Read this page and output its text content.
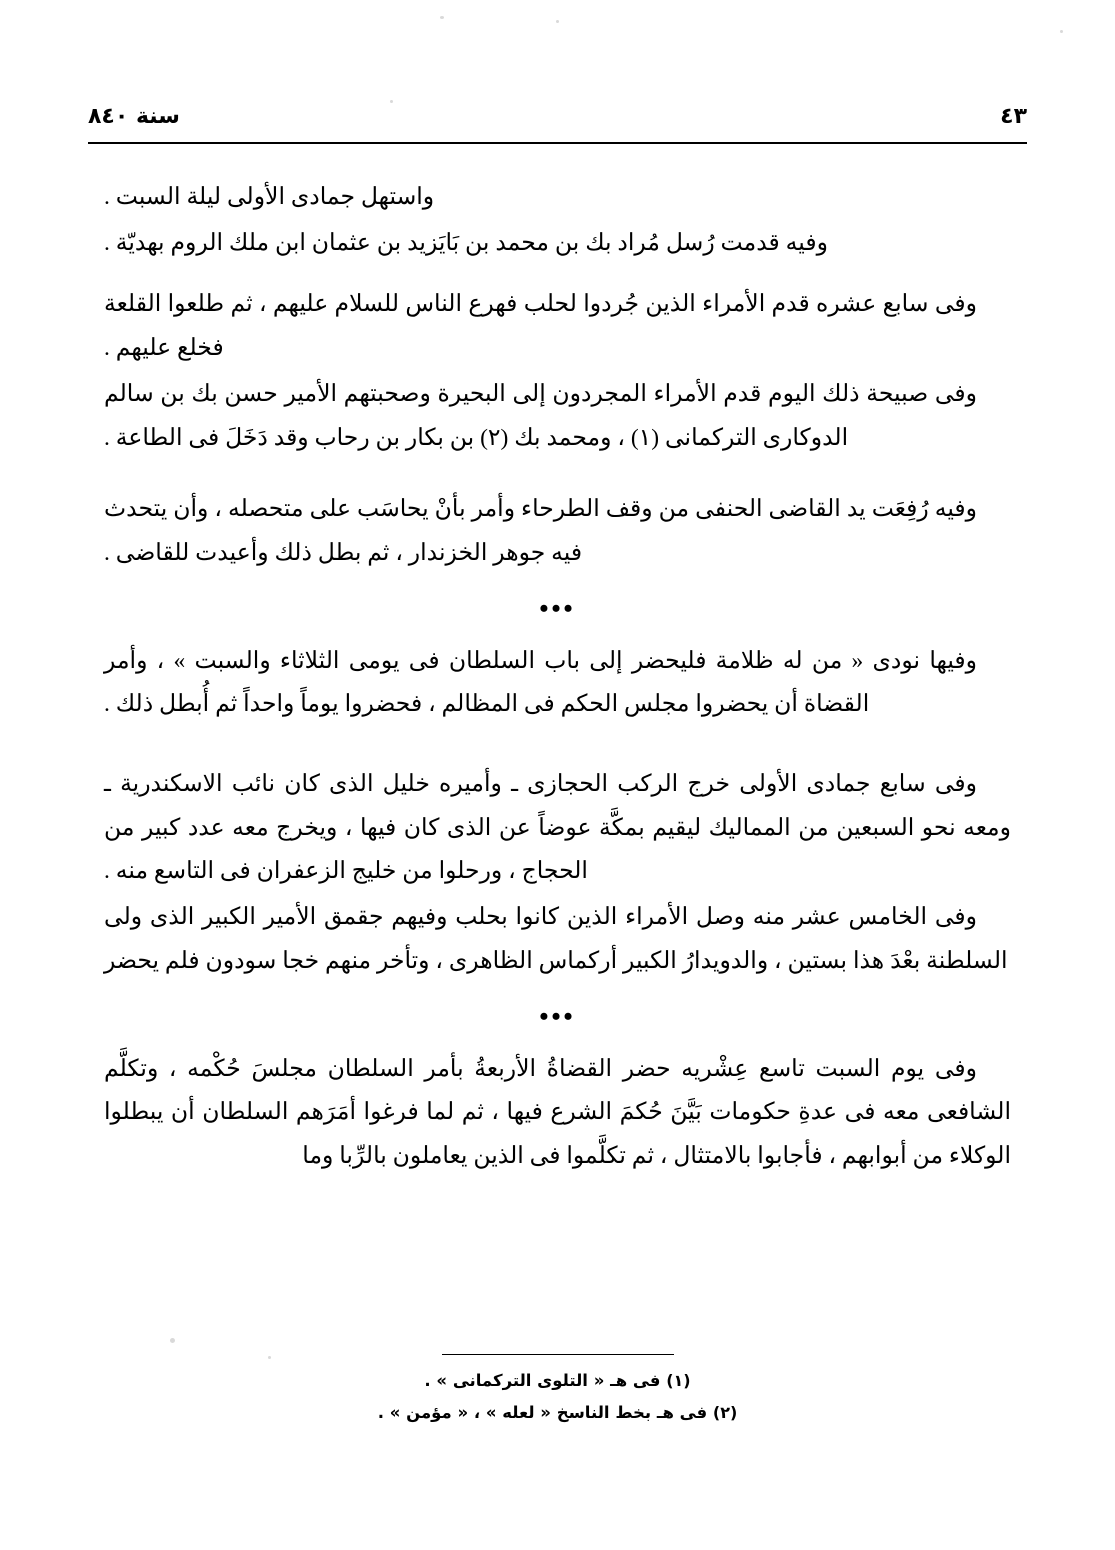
٤٣
سنة ٨٤٠

واستهل جمادى الأولى ليلة السبت .

وفيه قدمت رُسل مُراد بك بن محمد بن بَايَزيد بن عثمان ابن ملك الروم بهديّة .

وفى سابع عشره قدم الأمراء الذين جُردوا لحلب فهرع الناس للسلام عليهم ، ثم طلعوا القلعة فخلع عليهم .

وفى صبيحة ذلك اليوم قدم الأمراء المجردون إلى البحيرة وصحبتهم الأمير حسن بك بن سالم الدوكارى التركمانى (١) ، ومحمد بك (٢) بن بكار بن رحاب وقد دَخَلَ فى الطاعة .

وفيه رُفِعَت يد القاضى الحنفى من وقف الطرحاء وأمر بأنْ يحاسَب على متحصله ، وأن يتحدث فيه جوهر الخزندار ، ثم بطل ذلك وأعيدت للقاضى .

•••

وفيها نودى « من له ظلامة فليحضر إلى باب السلطان فى يومى الثلاثاء والسبت » ، وأمر القضاة أن يحضروا مجلس الحكم فى المظالم ، فحضروا يوماً واحداً ثم أُبطل ذلك .

وفى سابع جمادى الأولى خرج الركب الحجازى ـ وأميره خليل الذى كان نائب الاسكندرية ـ ومعه نحو السبعين من المماليك ليقيم بمكَّة عوضاً عن الذى كان فيها ، ويخرج معه عدد كبير من الحجاج ، ورحلوا من خليج الزعفران فى التاسع منه .

وفى الخامس عشر منه وصل الأمراء الذين كانوا بحلب وفيهم جقمق الأمير الكبير الذى ولى السلطنة بعْدَ هذا بستين ، والدويدارُ الكبير أركماس الظاهرى ، وتأخر منهم خجا سودون فلم يحضر

•••

وفى يوم السبت تاسع عِشْريه حضر القضاةُ الأربعةُ بأمر السلطان مجلسَ حُكْمه ، وتكلَّم الشافعى معه فى عدةِ حكومات بَيَّنَ حُكمَ الشرع فيها ، ثم لما فرغوا أمَرَهم السلطان أن يبطلوا الوكلاء من أبوابهم ، فأجابوا بالامتثال ، ثم تكلَّموا فى الذين يعاملون بالرِّبا وما

(١) فى هـ « التلوى التركمانى » .
(٢) فى هـ بخط الناسخ « لعله » ، « مؤمن » .
